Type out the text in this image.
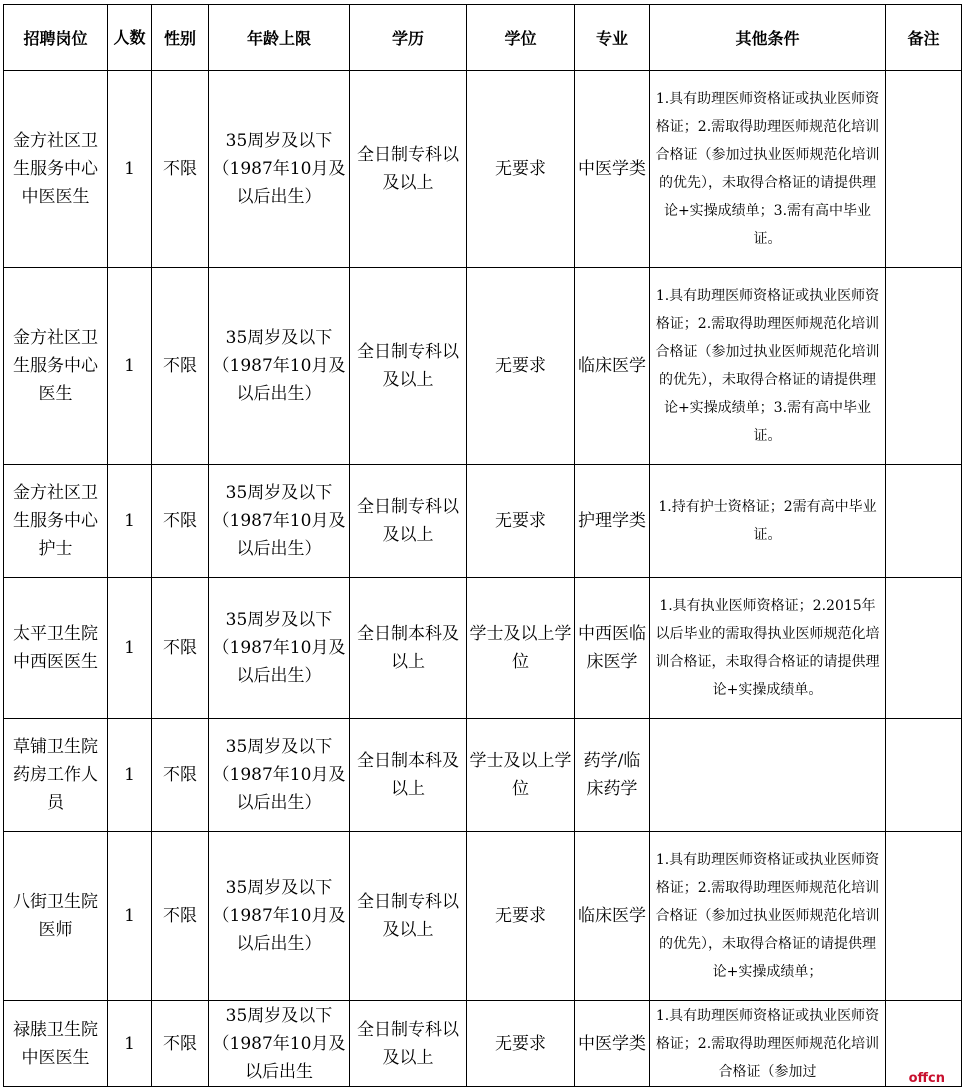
招聘岗位	人数	性别	年龄上限	学历	学位	专业	其他条件	备注
金方社区卫生服务中心中医医生	1	不限	35周岁及以下（1987年10月及以后出生）	全日制专科以及以上	无要求	中医学类	1.具有助理医师资格证或执业医师资格证；2.需取得助理医师规范化培训合格证（参加过执业医师规范化培训的优先），未取得合格证的请提供理论+实操成绩单；3.需有高中毕业证。	
金方社区卫生服务中心医生	1	不限	35周岁及以下（1987年10月及以后出生）	全日制专科以及以上	无要求	临床医学	1.具有助理医师资格证或执业医师资格证；2.需取得助理医师规范化培训合格证（参加过执业医师规范化培训的优先），未取得合格证的请提供理论+实操成绩单；3.需有高中毕业证。	
金方社区卫生服务中心护士	1	不限	35周岁及以下（1987年10月及以后出生）	全日制专科以及以上	无要求	护理学类	1.持有护士资格证；2需有高中毕业证。	
太平卫生院中西医医生	1	不限	35周岁及以下（1987年10月及以后出生）	全日制本科及以上	学士及以上学位	中西医临床医学	1.具有执业医师资格证；2.2015年以后毕业的需取得执业医师规范化培训合格证，未取得合格证的请提供理论+实操成绩单。	
草铺卫生院药房工作人员	1	不限	35周岁及以下（1987年10月及以后出生）	全日制本科及以上	学士及以上学位	药学/临床药学		
八街卫生院医师	1	不限	35周岁及以下（1987年10月及以后出生）	全日制专科以及以上	无要求	临床医学	1.具有助理医师资格证或执业医师资格证；2.需取得助理医师规范化培训合格证（参加过执业医师规范化培训的优先），未取得合格证的请提供理论+实操成绩单；	
禄脿卫生院中医医生	1	不限	35周岁及以下（1987年10月及以后出生	全日制专科以及以上	无要求	中医学类	1.具有助理医师资格证或执业医师资格证；2.需取得助理医师规范化培训合格证（参加过		offcn
